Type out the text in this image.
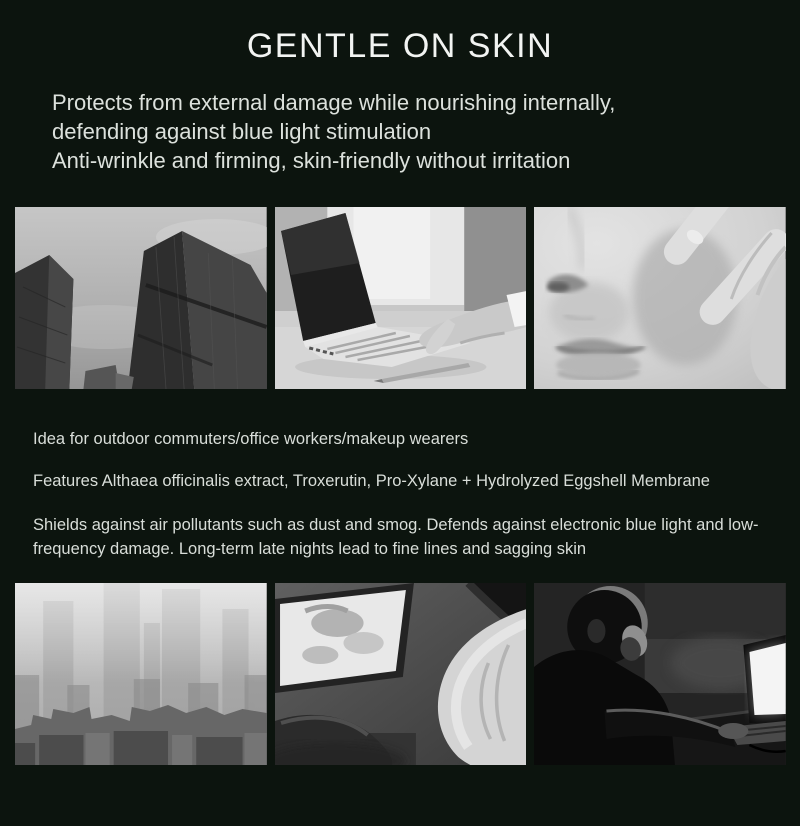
GENTLE ON SKIN
Protects from external damage while nourishing internally,
defending against blue light stimulation
Anti-wrinkle and firming, skin-friendly without irritation

Idea for outdoor commuters/office workers/makeup wearers

Features Althaea officinalis extract, Troxerutin, Pro-Xylane + Hydrolyzed Eggshell Membrane

Shields against air pollutants such as dust and smog. Defends against electronic blue light and low-frequency damage. Long-term late nights lead to fine lines and sagging skin
